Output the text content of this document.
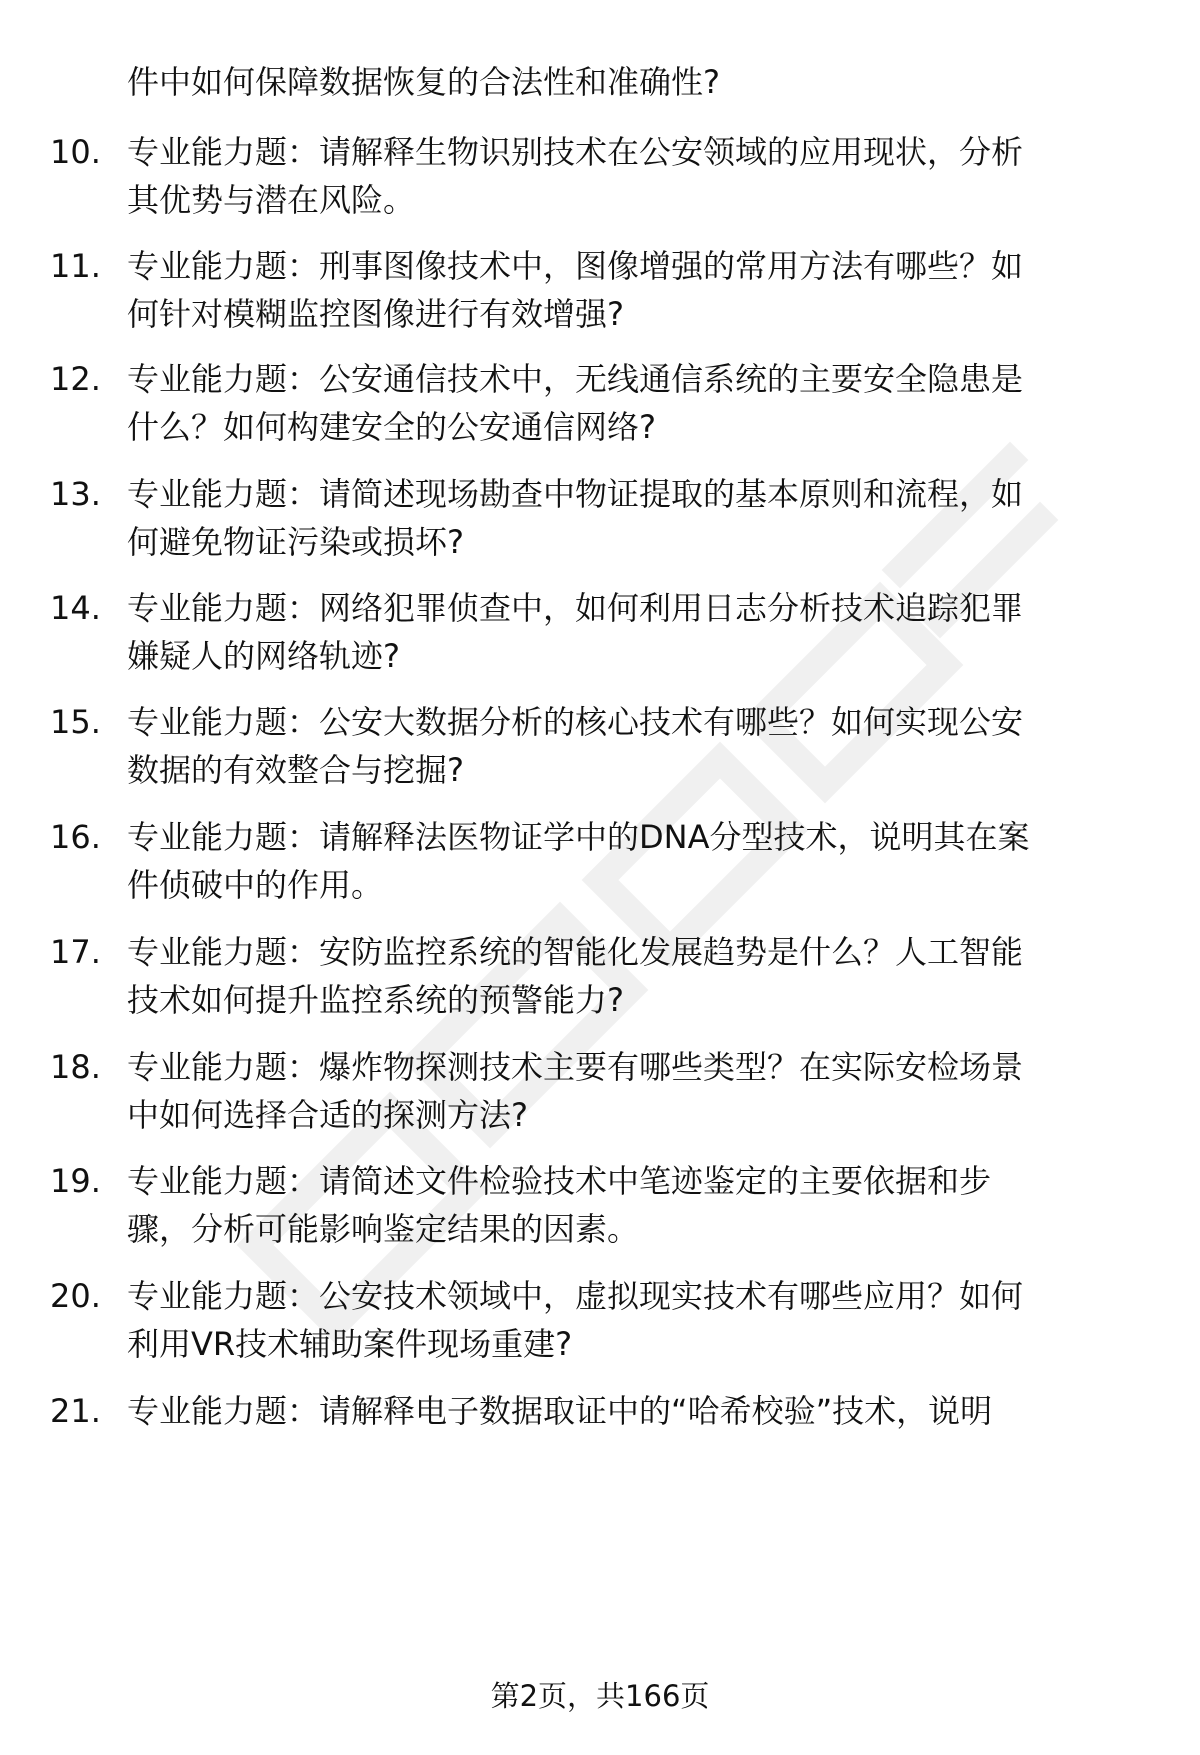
件中如何保障数据恢复的合法性和准确性?
10. 专业能力题：请解释生物识别技术在公安领域的应用现状，分析
其优势与潜在风险。
11. 专业能力题：刑事图像技术中，图像增强的常用方法有哪些？如
何针对模糊监控图像进行有效增强?
12. 专业能力题：公安通信技术中，无线通信系统的主要安全隐患是
什么？如何构建安全的公安通信网络?
13. 专业能力题：请简述现场勘查中物证提取的基本原则和流程，如
何避免物证污染或损坏?
14. 专业能力题：网络犯罪侦查中，如何利用日志分析技术追踪犯罪
嫌疑人的网络轨迹?
15. 专业能力题：公安大数据分析的核心技术有哪些？如何实现公安
数据的有效整合与挖掘?
16. 专业能力题：请解释法医物证学中的DNA分型技术，说明其在案
件侦破中的作用。
17. 专业能力题：安防监控系统的智能化发展趋势是什么？人工智能
技术如何提升监控系统的预警能力?
18. 专业能力题：爆炸物探测技术主要有哪些类型？在实际安检场景
中如何选择合适的探测方法?
19. 专业能力题：请简述文件检验技术中笔迹鉴定的主要依据和步
骤，分析可能影响鉴定结果的因素。
20. 专业能力题：公安技术领域中，虚拟现实技术有哪些应用？如何
利用VR技术辅助案件现场重建?
21. 专业能力题：请解释电子数据取证中的“哈希校验”技术，说明
第2页，共166页
